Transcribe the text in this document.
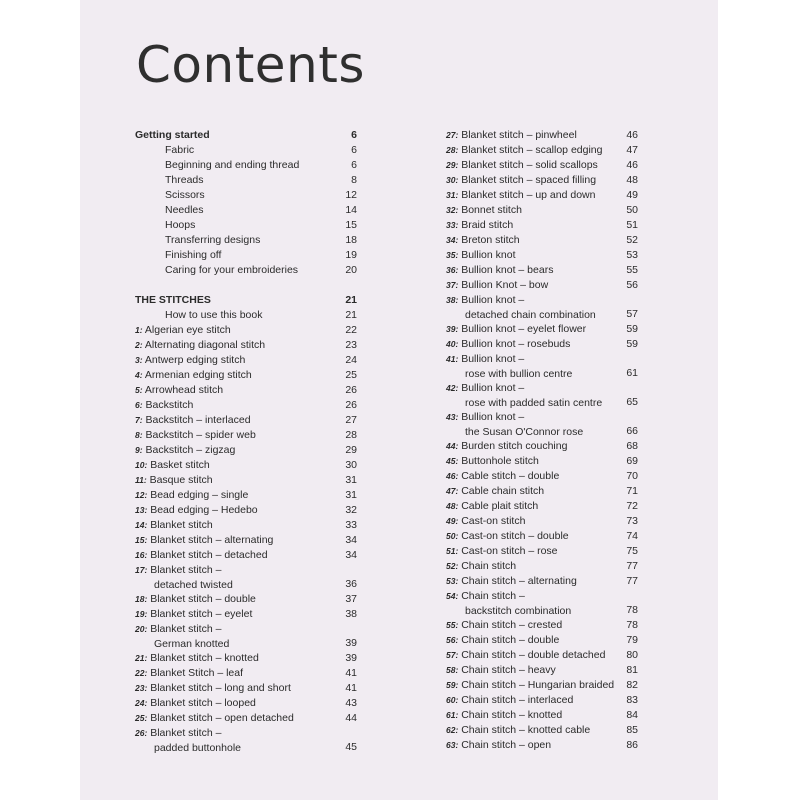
Contents
Getting started	6
Fabric	6
Beginning and ending thread	6
Threads	8
Scissors	12
Needles	14
Hoops	15
Transferring designs	18
Finishing off	19
Caring for your embroideries	20
THE STITCHES	21
How to use this book	21
1: Algerian eye stitch	22
2: Alternating diagonal stitch	23
3: Antwerp edging stitch	24
4: Armenian edging stitch	25
5: Arrowhead stitch	26
6: Backstitch	26
7: Backstitch – interlaced	27
8: Backstitch – spider web	28
9: Backstitch – zigzag	29
10: Basket stitch	30
11: Basque stitch	31
12: Bead edging – single	31
13: Bead edging – Hedebo	32
14: Blanket stitch	33
15: Blanket stitch – alternating	34
16: Blanket stitch – detached	34
17: Blanket stitch –
detached twisted	36
18: Blanket stitch – double	37
19: Blanket stitch – eyelet	38
20: Blanket stitch –
German knotted	39
21: Blanket stitch – knotted	39
22: Blanket Stitch – leaf	41
23: Blanket stitch – long and short	41
24: Blanket stitch – looped	43
25: Blanket stitch – open detached	44
26: Blanket stitch –
padded buttonhole	45
27: Blanket stitch – pinwheel	46
28: Blanket stitch – scallop edging 47
29: Blanket stitch – solid scallops	46
30: Blanket stitch – spaced filling	48
31: Blanket stitch – up and down	49
32: Bonnet stitch	50
33: Braid stitch	51
34: Breton stitch	52
35: Bullion knot	53
36: Bullion knot – bears	55
37: Bullion Knot – bow	56
38: Bullion knot –
detached chain combination	57
39: Bullion knot – eyelet flower	59
40: Bullion knot – rosebuds	59
41: Bullion knot –
rose with bullion centre	61
42: Bullion knot –
rose with padded satin centre 65
43: Bullion knot –
the Susan O'Connor rose	66
44: Burden stitch couching	68
45: Buttonhole stitch	69
46: Cable stitch – double	70
47: Cable chain stitch	71
48: Cable plait stitch	72
49: Cast-on stitch	73
50: Cast-on stitch – double	74
51: Cast-on stitch – rose	75
52: Chain stitch	77
53: Chain stitch – alternating	77
54: Chain stitch –
backstitch combination	78
55: Chain stitch – crested	78
56: Chain stitch – double	79
57: Chain stitch – double detached 80
58: Chain stitch – heavy	81
59: Chain stitch – Hungarian braided 82
60: Chain stitch – interlaced	83
61: Chain stitch – knotted	84
62: Chain stitch – knotted cable	85
63: Chain stitch – open	86
